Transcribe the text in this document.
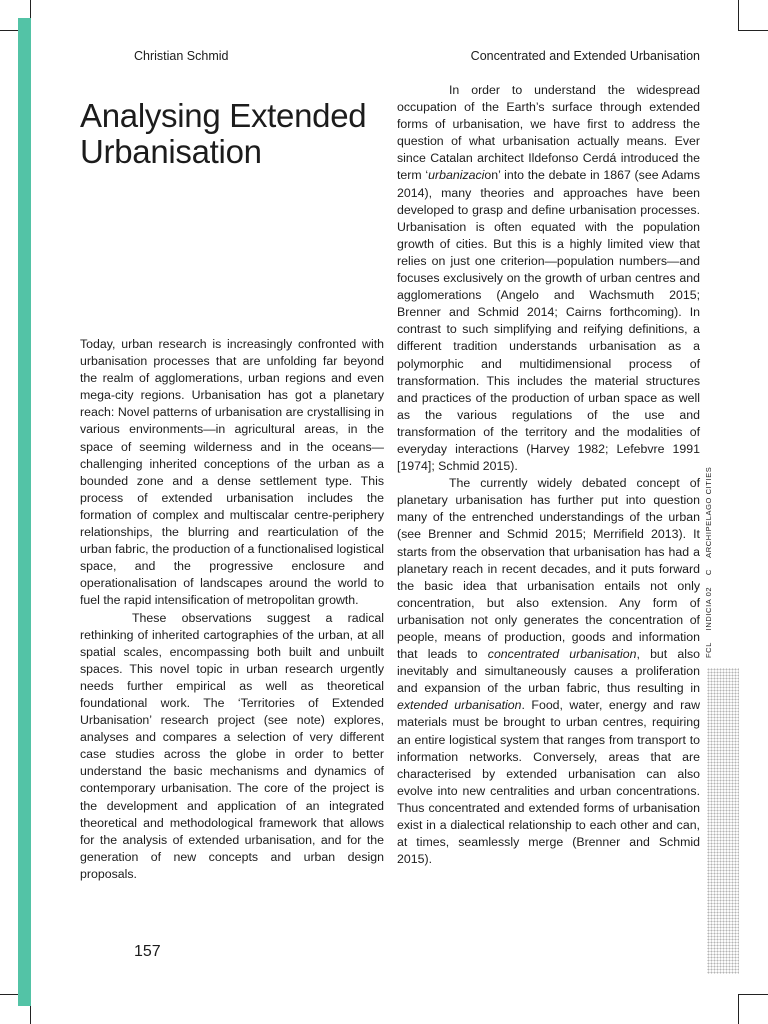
Christian Schmid	Concentrated and Extended Urbanisation
Analysing Extended Urbanisation

Today, urban research is increasingly confronted with urbanisation processes that are unfolding far beyond the realm of agglomerations, urban regions and even mega-city regions. Urbanisation has got a planetary reach: Novel patterns of urbanisation are crystallising in various environments—in agricultural areas, in the space of seeming wilderness and in the oceans—challenging inherited conceptions of the urban as a bounded zone and a dense settlement type. This process of extended urbanisation includes the formation of complex and multiscalar centre-periphery relationships, the blurring and rearticulation of the urban fabric, the production of a functionalised logistical space, and the progressive enclosure and operationalisation of landscapes around the world to fuel the rapid intensification of metropolitan growth.

These observations suggest a radical rethinking of inherited cartographies of the urban, at all spatial scales, encompassing both built and unbuilt spaces. This novel topic in urban research urgently needs further empirical as well as theoretical foundational work. The ‘Territories of Extended Urbanisation’ research project (see note) explores, analyses and compares a selection of very different case studies across the globe in order to better understand the basic mechanisms and dynamics of contemporary urbanisation. The core of the project is the development and application of an integrated theoretical and methodological framework that allows for the analysis of extended urbanisation, and for the generation of new concepts and urban design proposals.

In order to understand the widespread occupation of the Earth’s surface through extended forms of urbanisation, we have first to address the question of what urbanisation actually means. Ever since Catalan architect Ildefonso Cerdá introduced the term ‘urbanizacion’ into the debate in 1867 (see Adams 2014), many theories and approaches have been developed to grasp and define urbanisation processes. Urbanisation is often equated with the population growth of cities. But this is a highly limited view that relies on just one criterion—population numbers—and focuses exclusively on the growth of urban centres and agglomerations (Angelo and Wachsmuth 2015; Brenner and Schmid 2014; Cairns forthcoming). In contrast to such simplifying and reifying definitions, a different tradition understands urbanisation as a polymorphic and multidimensional process of transformation. This includes the material structures and practices of the production of urban space as well as the various regulations of the use and transformation of the territory and the modalities of everyday interactions (Harvey 1982; Lefebvre 1991 [1974]; Schmid 2015).

The currently widely debated concept of planetary urbanisation has further put into question many of the entrenched understandings of the urban (see Brenner and Schmid 2015; Merrifield 2013). It starts from the observation that urbanisation has had a planetary reach in recent decades, and it puts forward the basic idea that urbanisation entails not only concentration, but also extension. Any form of urbanisation not only generates the concentration of people, means of production, goods and information that leads to concentrated urbanisation, but also inevitably and simultaneously causes a proliferation and expansion of the urban fabric, thus resulting in extended urbanisation. Food, water, energy and raw materials must be brought to urban centres, requiring an entire logistical system that ranges from transport to information networks. Conversely, areas that are characterised by extended urbanisation can also evolve into new centralities and urban concentrations. Thus concentrated and extended forms of urbanisation exist in a dialectical relationship to each other and can, at times, seamlessly merge (Brenner and Schmid 2015).

157
FCL INDICIA 02 C ARCHIPELAGO CITIES
